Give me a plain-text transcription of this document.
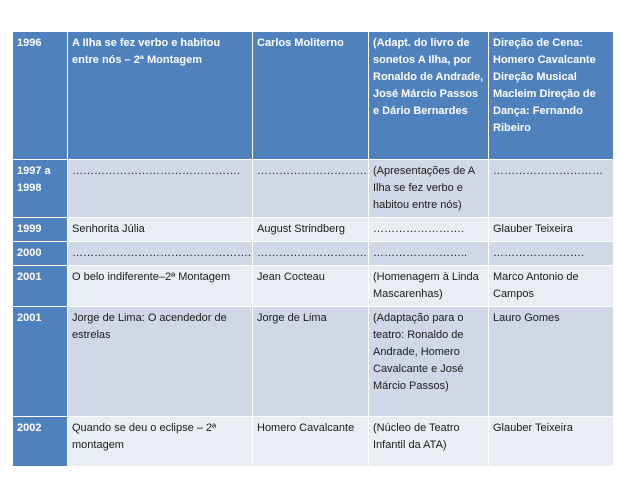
1996	A Ilha se fez verbo e habitou entre nós – 2ª Montagem	Carlos Moliterno	(Adapt. do livro de sonetos A Ilha, por Ronaldo de Andrade, José Márcio Passos e Dário Bernardes	Direção de Cena: Homero Cavalcante Direção Musical Macleim Direção de Dança: Fernando Ribeiro
1997 a 1998	……………………………………….	…………………………	(Apresentações de A Ilha se fez verbo e habitou entre nós)	…………………………
1999	Senhorita Júlia	August Strindberg	…………………….	Glauber Teixeira
2000	………………………………………….	…………………………	……………………..	…………………….
2001	O belo indiferente–2ª Montagem	Jean Cocteau	(Homenagem à Linda Mascarenhas)	Marco Antonio de Campos
2001	Jorge de Lima: O acendedor de estrelas	Jorge de Lima	(Adaptação para o teatro: Ronaldo de Andrade, Homero Cavalcante e José Márcio Passos)	Lauro Gomes
2002	Quando se deu o eclipse – 2ª montagem	Homero Cavalcante	(Núcleo de Teatro Infantil da ATA)	Glauber Teixeira
